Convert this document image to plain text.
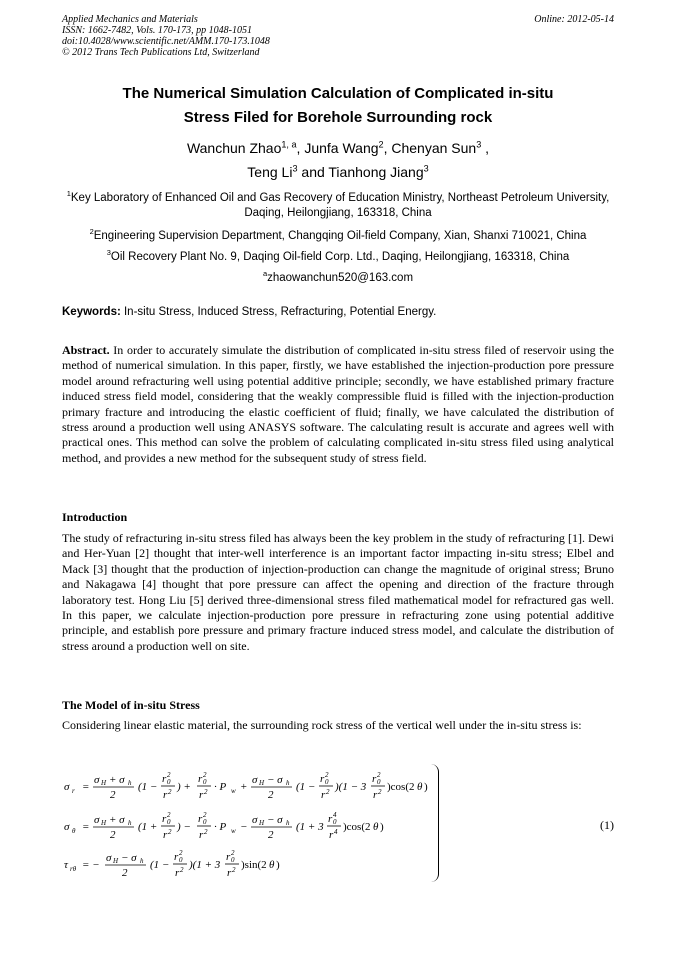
Applied Mechanics and Materials
ISSN: 1662-7482, Vols. 170-173, pp 1048-1051
doi:10.4028/www.scientific.net/AMM.170-173.1048
© 2012 Trans Tech Publications Ltd, Switzerland
Online: 2012-05-14
The Numerical Simulation Calculation of Complicated in-situ
Stress Filed for Borehole Surrounding rock
Wanchun Zhao$^{1, a}$, Junfa Wang$^2$, Chenyan Sun$^3$ ,
Teng Li$^3$ and Tianhong Jiang$^3$
$^1$Key Laboratory of Enhanced Oil and Gas Recovery of Education Ministry, Northeast Petroleum University, Daqing, Heilongjiang, 163318, China
$^2$Engineering Supervision Department, Changqing Oil-field Company, Xian, Shanxi 710021, China
$^3$Oil Recovery Plant No. 9, Daqing Oil-field Corp. Ltd., Daqing, Heilongjiang, 163318, China
$^a$zhaowanchun520@163.com
Keywords: In-situ Stress, Induced Stress, Refracturing, Potential Energy.
Abstract. In order to accurately simulate the distribution of complicated in-situ stress filed of reservoir using the method of numerical simulation. In this paper, firstly, we have established the injection-production pore pressure model around refracturing well using potential additive principle; secondly, we have established primary fracture induced stress field model, considering that the weakly compressible fluid is filled with the injection-production primary fracture and introducing the elastic coefficient of fluid; finally, we have calculated the distribution of stress around a production well using ANASYS software. The calculating result is accurate and agrees well with practical ones. This method can solve the problem of calculating complicated in-situ stress filed using analytical method, and provides a new method for the subsequent study of stress field.
Introduction
The study of refracturing in-situ stress filed has always been the key problem in the study of refracturing [1]. Dewi and Her-Yuan [2] thought that inter-well interference is an important factor impacting in-situ stress; Elbel and Mack [3] thought that the production of injection-production can change the magnitude of original stress; Bruno and Nakagawa [4] thought that pore pressure can affect the opening and direction of the fracture through laboratory test. Hong Liu [5] derived three-dimensional stress filed mathematical model for refractured gas well. In this paper, we calculate injection-production pore pressure in refracturing zone using potential additive principle, and establish pore pressure and primary fracture induced stress model, and calculate the distribution of stress around a production well on site.
The Model of in-situ Stress
Considering linear elastic material, the surrounding rock stress of the vertical well under the in-situ stress is:
σ r =
σ H + σ h
2
(1 −
r 2
0
r 2 ) +
r 2
0
r 2 · P w +
σ H − σ h
2
(1 −
r 2
0
r 2 )(1 − 3
r 2
0
r 2 )cos(2 θ )
σ θ =
σ H + σ h
2
(1 +
r 2
0
r 2 ) −
r 2
0
r 2 · P w −
σ H − σ h
2
(1 + 3
r 4
0
r 4 )cos(2 θ )
τ rθ = −
σ H − σ h
2
(1 −
r 2
0
r 2 )(1 + 3
r 2
0
r 2 )sin(2 θ )
(1)
